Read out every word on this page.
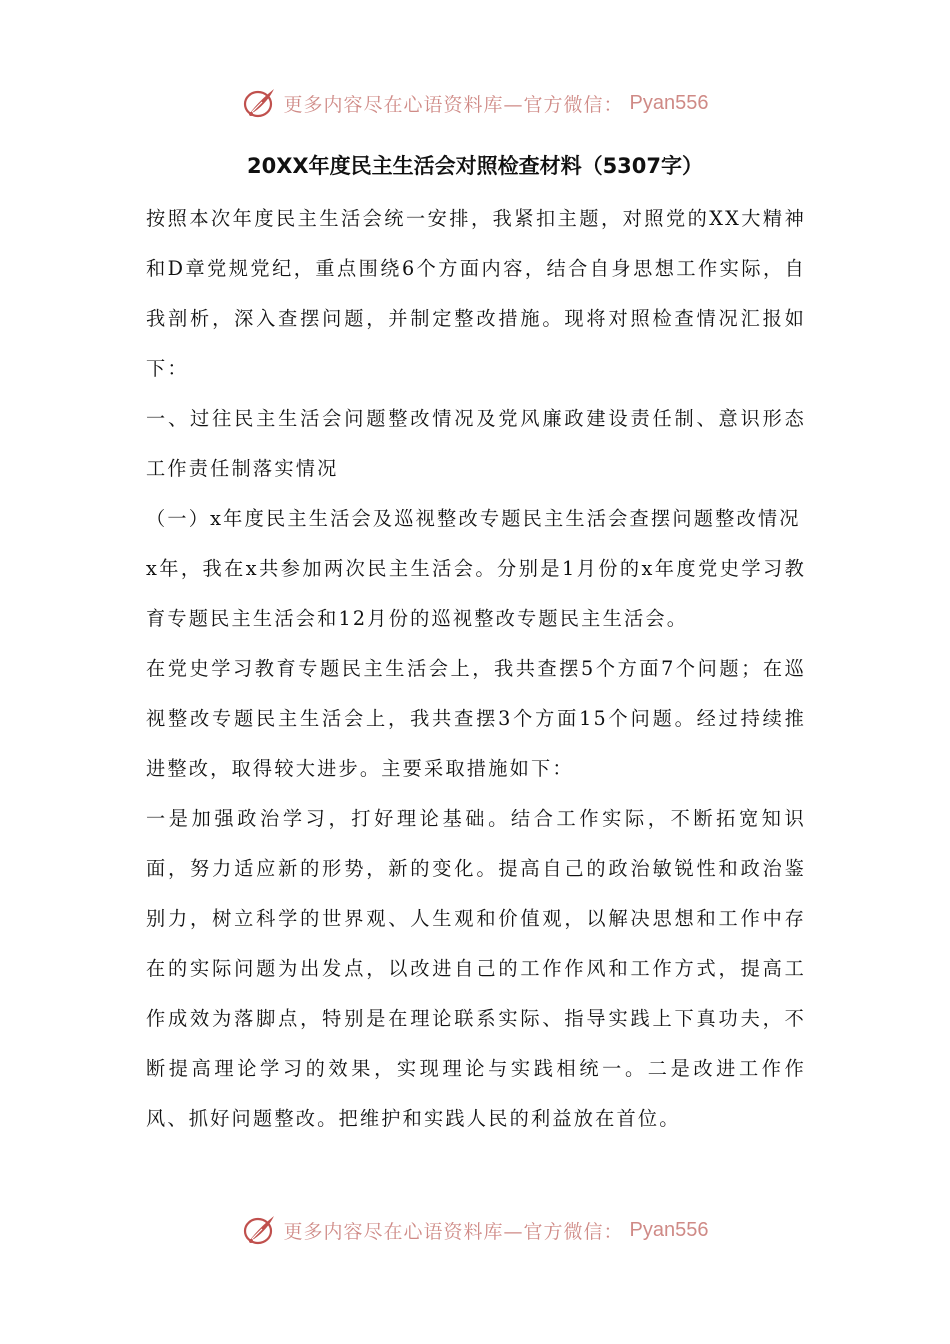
更多内容尽在心语资料库—官方微信： Pyan556
20XX年度民主生活会对照检查材料（5307字）

按照本次年度民主生活会统一安排，我紧扣主题，对照党的XX大精神和D章党规党纪，重点围绕6个方面内容，结合自身思想工作实际，自我剖析，深入查摆问题，并制定整改措施。现将对照检查情况汇报如下：

一、过往民主生活会问题整改情况及党风廉政建设责任制、意识形态工作责任制落实情况

（一）x年度民主生活会及巡视整改专题民主生活会查摆问题整改情况

x年，我在x共参加两次民主生活会。分别是1月份的x年度党史学习教育专题民主生活会和12月份的巡视整改专题民主生活会。

在党史学习教育专题民主生活会上，我共查摆5个方面7个问题；在巡视整改专题民主生活会上，我共查摆3个方面15个问题。经过持续推进整改，取得较大进步。主要采取措施如下：

一是加强政治学习，打好理论基础。结合工作实际，不断拓宽知识面，努力适应新的形势，新的变化。提高自己的政治敏锐性和政治鉴别力，树立科学的世界观、人生观和价值观，以解决思想和工作中存在的实际问题为出发点，以改进自己的工作作风和工作方式，提高工作成效为落脚点，特别是在理论联系实际、指导实践上下真功夫，不断提高理论学习的效果，实现理论与实践相统一。二是改进工作作风、抓好问题整改。把维护和实践人民的利益放在首位。

更多内容尽在心语资料库—官方微信： Pyan556
